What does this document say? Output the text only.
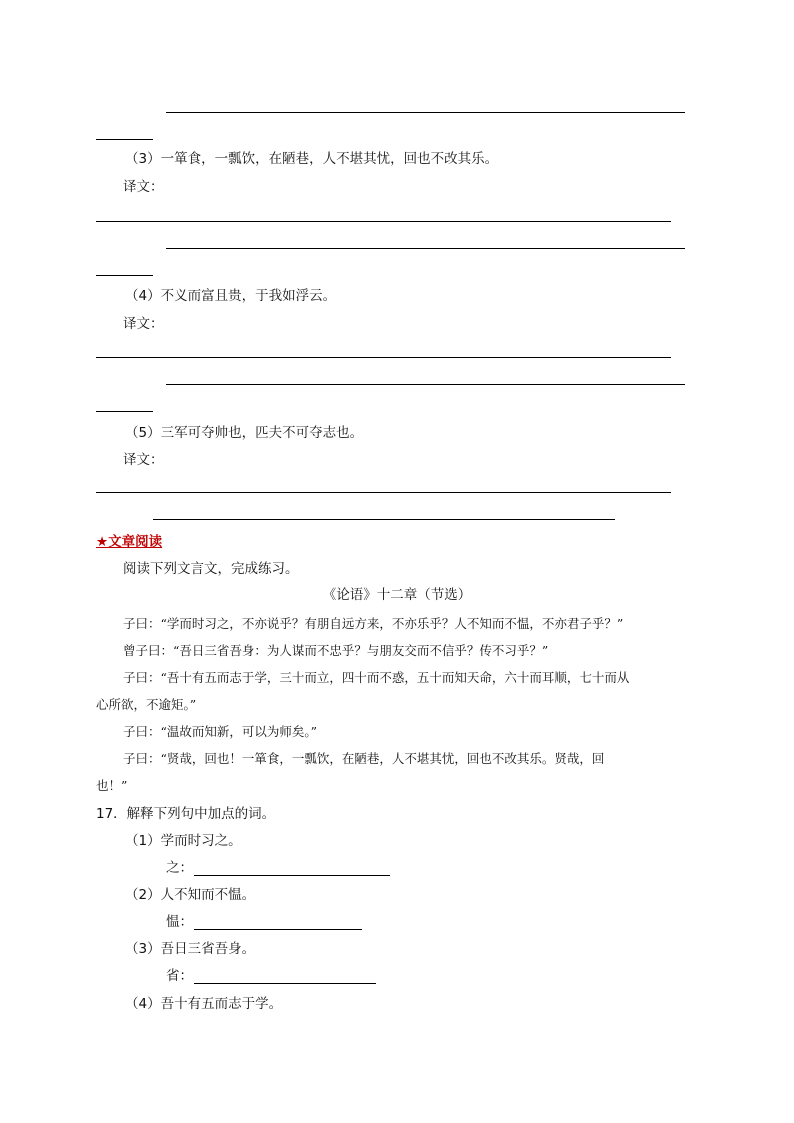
（3）一箪食，一瓢饮，在陋巷，人不堪其忧，回也不改其乐。
译文：
（4）不义而富且贵，于我如浮云。
译文：
（5）三军可夺帅也，匹夫不可夺志也。
译文：
★文章阅读
阅读下列文言文，完成练习。
《论语》十二章（节选）
子曰：“学而时习之，不亦说乎？有朋自远方来，不亦乐乎？人不知而不愠，不亦君子乎？”
曾子曰：“吾日三省吾身：为人谋而不忠乎？与朋友交而不信乎？传不习乎？”
子曰：“吾十有五而志于学，三十而立，四十而不惑，五十而知天命，六十而耳顺，七十而从
心所欲，不逾矩。”
子曰：“温故而知新，可以为师矣。”
子曰：“贤哉，回也！一箪食，一瓢饮，在陋巷，人不堪其忧，回也不改其乐。贤哉，回
也！”
17．解释下列句中加点的词。
（1）学而时习之。
之：
（2）人不知而不愠。
愠：
（3）吾日三省吾身。
省：
（4）吾十有五而志于学。
